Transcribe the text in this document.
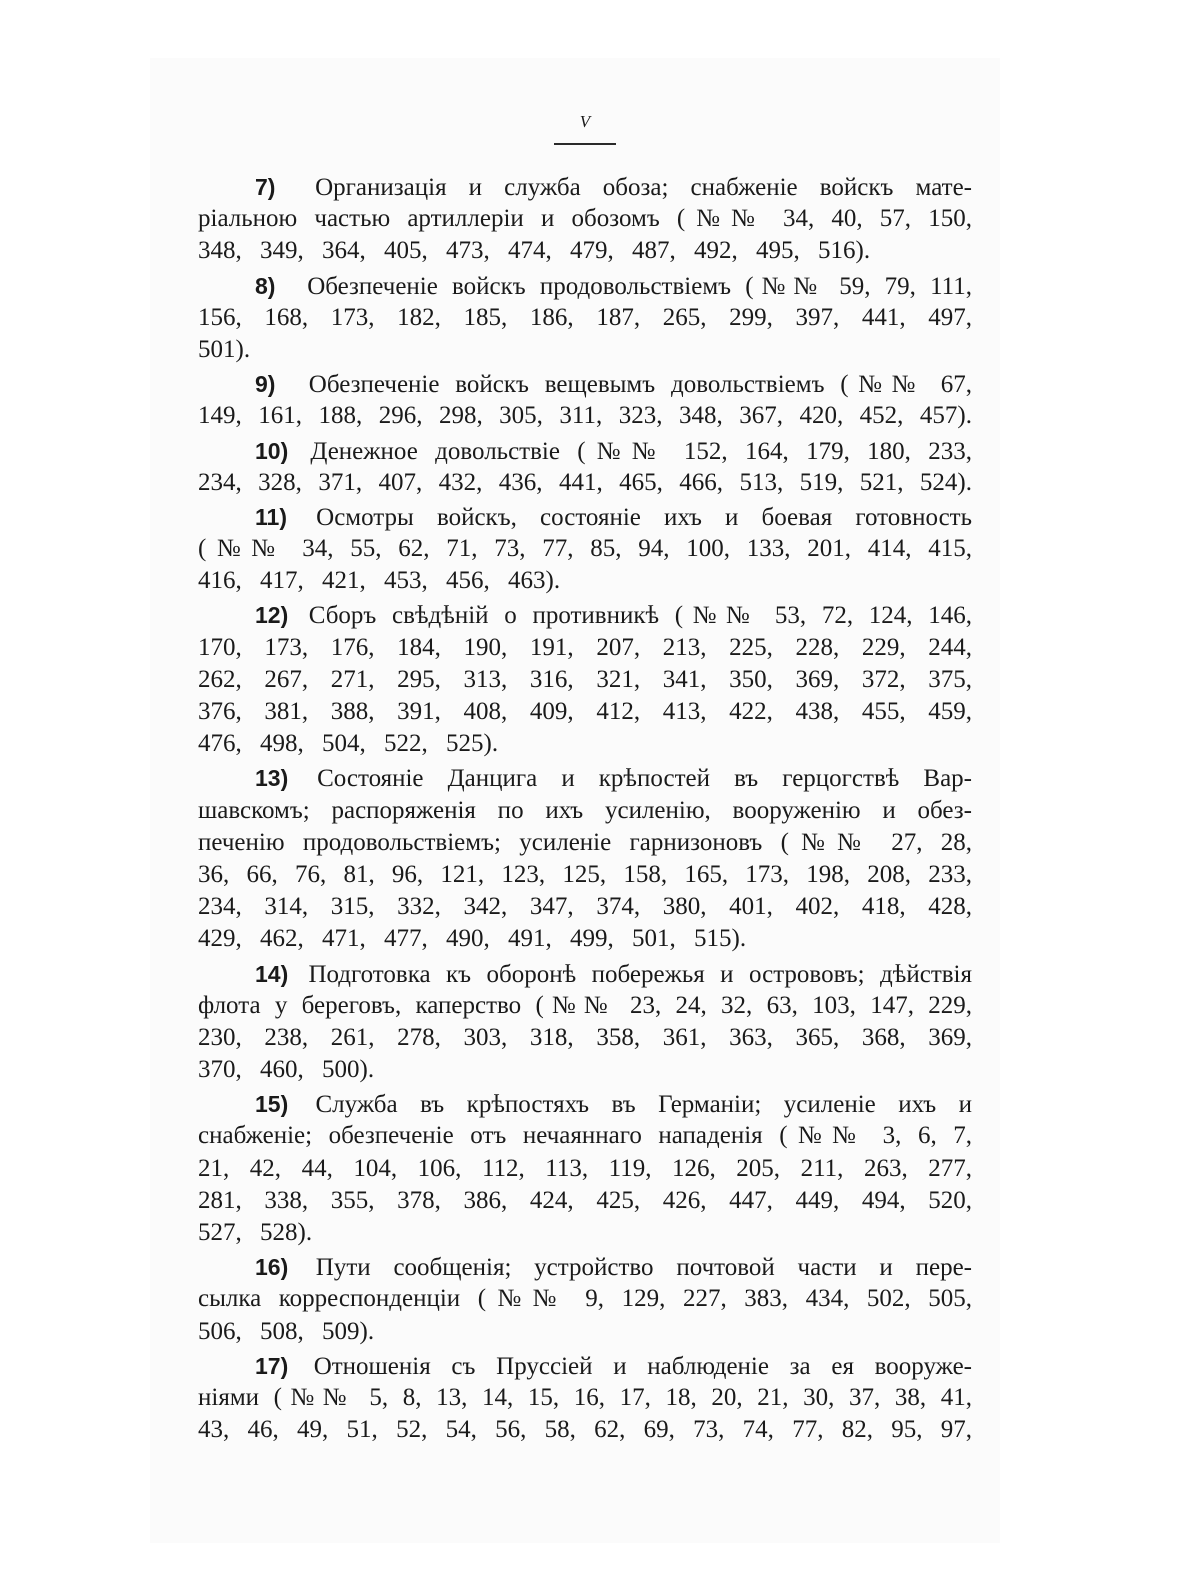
V
7) Организація и служба обоза; снабженіе войскъ мате-
ріальною частью артиллеріи и обозомъ (№№ 34, 40, 57, 150,
348, 349, 364, 405, 473, 474, 479, 487, 492, 495, 516).
8) Обезпеченіе войскъ продовольствіемъ (№№ 59, 79, 111,
156, 168, 173, 182, 185, 186, 187, 265, 299, 397, 441, 497,
501).
9) Обезпеченіе войскъ вещевымъ довольствіемъ (№№ 67,
149, 161, 188, 296, 298, 305, 311, 323, 348, 367, 420, 452, 457).
10) Денежное довольствіе (№№ 152, 164, 179, 180, 233,
234, 328, 371, 407, 432, 436, 441, 465, 466, 513, 519, 521, 524).
11) Осмотры войскъ, состояніе ихъ и боевая готовность
(№№ 34, 55, 62, 71, 73, 77, 85, 94, 100, 133, 201, 414, 415,
416, 417, 421, 453, 456, 463).
12) Сборъ свѣдѣній о противникѣ (№№ 53, 72, 124, 146,
170, 173, 176, 184, 190, 191, 207, 213, 225, 228, 229, 244,
262, 267, 271, 295, 313, 316, 321, 341, 350, 369, 372, 375,
376, 381, 388, 391, 408, 409, 412, 413, 422, 438, 455, 459,
476, 498, 504, 522, 525).
13) Состояніе Данцига и крѣпостей въ герцогствѣ Вар-
шавскомъ; распоряженія по ихъ усиленію, вооруженію и обез-
печенію продовольствіемъ; усиленіе гарнизоновъ (№№ 27, 28,
36, 66, 76, 81, 96, 121, 123, 125, 158, 165, 173, 198, 208, 233,
234, 314, 315, 332, 342, 347, 374, 380, 401, 402, 418, 428,
429, 462, 471, 477, 490, 491, 499, 501, 515).
14) Подготовка къ оборонѣ побережья и острововъ; дѣйствія
флота у береговъ, каперство (№№ 23, 24, 32, 63, 103, 147, 229,
230, 238, 261, 278, 303, 318, 358, 361, 363, 365, 368, 369,
370, 460, 500).
15) Служба въ крѣпостяхъ въ Германіи; усиленіе ихъ и
снабженіе; обезпеченіе отъ нечаяннаго нападенія (№№ 3, 6, 7,
21, 42, 44, 104, 106, 112, 113, 119, 126, 205, 211, 263, 277,
281, 338, 355, 378, 386, 424, 425, 426, 447, 449, 494, 520,
527, 528).
16) Пути сообщенія; устройство почтовой части и пере-
сылка корреспонденціи (№№ 9, 129, 227, 383, 434, 502, 505,
506, 508, 509).
17) Отношенія съ Пруссіей и наблюденіе за ея вооруже-
ніями (№№ 5, 8, 13, 14, 15, 16, 17, 18, 20, 21, 30, 37, 38, 41,
43, 46, 49, 51, 52, 54, 56, 58, 62, 69, 73, 74, 77, 82, 95, 97,
